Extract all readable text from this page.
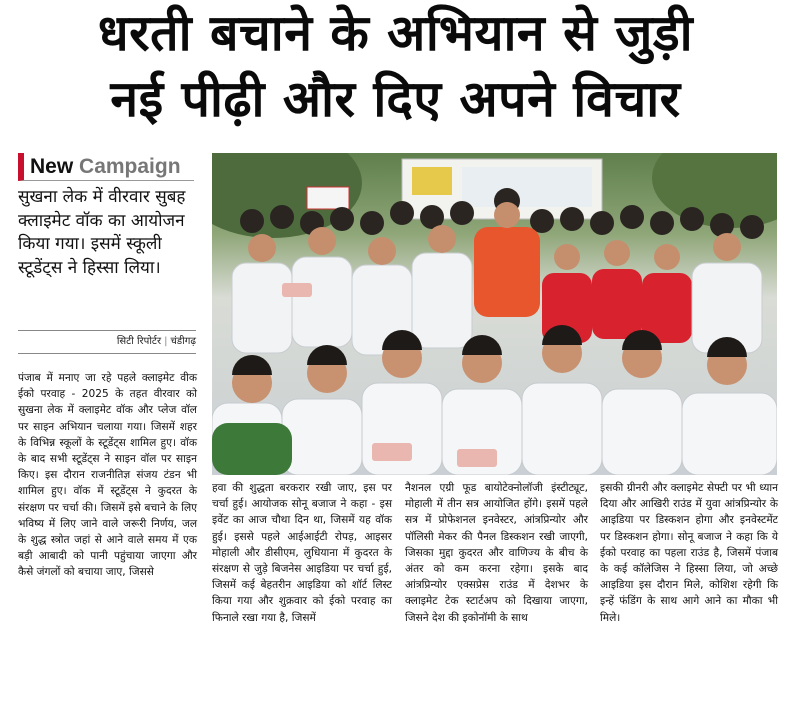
धरती बचाने के अभियान से जुड़ी
नई पीढ़ी और दिए अपने विचार
New Campaign
सुखना लेक में वीरवार सुबह क्लाइमेट वॉक का आयोजन किया गया। इसमें स्कूली स्टूडेंट्स ने हिस्सा लिया।
सिटी रिपोर्टर | चंडीगढ़
पंजाब में मनाए जा रहे पहले क्लाइमेट वीक ईको परवाह - 2025 के तहत वीरवार को सुखना लेक में क्लाइमेट वॉक और प्लेज वॉल पर साइन अभियान चलाया गया। जिसमें शहर के विभिन्न स्कूलों के स्टूडेंट्स शामिल हुए। वॉक के बाद सभी स्टूडेंट्स ने साइन वॉल पर साइन किए। इस दौरान राजनीतिज्ञ संजय टंडन भी शामिल हुए। वॉक में स्टूडेंट्स ने कुदरत के संरक्षण पर चर्चा की। जिसमें इसे बचाने के लिए भविष्य में लिए जाने वाले जरूरी निर्णय, जल के शुद्ध स्त्रोत जहां से आने वाले समय में एक बड़ी आबादी को पानी पहुंचाया जाएगा और कैसे जंगलों को बचाया जाए, जिससे
हवा की शुद्धता बरकरार रखी जाए, इस पर चर्चा हुई। आयोजक सोनू बजाज ने कहा - इस इवेंट का आज चौथा दिन था, जिसमें यह वॉक हुई। इससे पहले आईआईटी रोपड़, आइसर मोहाली और डीसीएम, लुधियाना में कुदरत के संरक्षण से जुड़े बिजनेस आइडिया पर चर्चा हुई, जिसमें कई बेहतरीन आइडिया को शॉर्ट लिस्ट किया गया और शुक्रवार को ईको परवाह का फिनाले रखा गया है, जिसमें
नैशनल एग्री फूड बायोटेक्नोलॉजी इंस्टीट्यूट, मोहाली में तीन सत्र आयोजित होंगे। इसमें पहले सत्र में प्रोफेशनल इनवेस्टर, आंत्रप्रिन्योर और पॉलिसी मेकर की पैनल डिस्कशन रखी जाएगी, जिसका मुद्दा कुदरत और वाणिज्य के बीच के अंतर को कम करना रहेगा। इसके बाद आंत्रप्रिन्योर एक्सप्रेस राउंड में देशभर के क्लाइमेट टेक स्टार्टअप को दिखाया जाएगा, जिसने देश की इकोनॉमी के साथ
इसकी ग्रीनरी और क्लाइमेट सेफ्टी पर भी ध्यान दिया और आखिरी राउंड में युवा आंत्रप्रिन्योर के आइडिया पर डिस्कशन होगा और इनवेस्टमेंट पर डिस्कशन होगा। सोनू बजाज ने कहा कि ये ईको परवाह का पहला राउंड है, जिसमें पंजाब के कई कॉलेजिस ने हिस्सा लिया, जो अच्छे आइडिया इस दौरान मिले, कोशिश रहेगी कि इन्हें फंडिंग के साथ आगे आने का मौका भी मिले।
